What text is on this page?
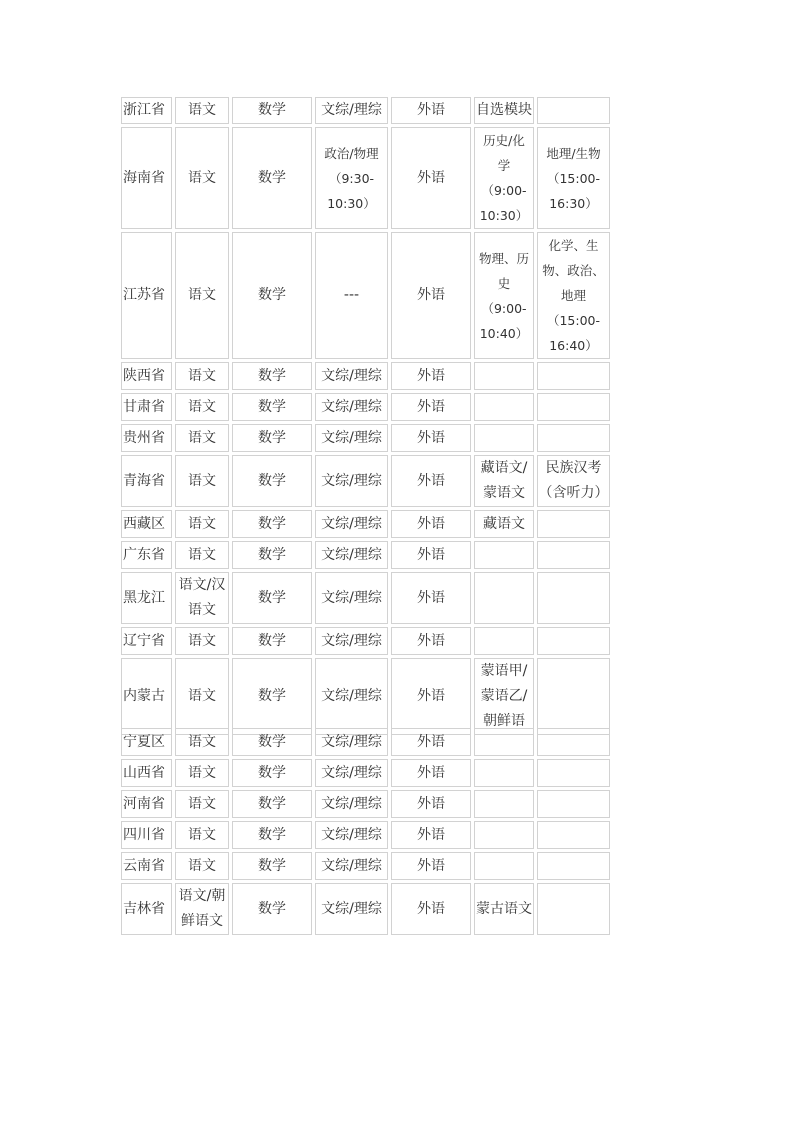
浙江省	语文	数学	文综/理综	外语	自选模块	

海南省	语文	数学	政治/物理
（9:30-
10:30）	外语	历史/化
学
（9:00-
10:30）	地理/生物
（15:00-
16:30）

江苏省	语文	数学	---	外语	物理、历
史
（9:00-
10:40）	化学、生
物、政治、
地理
（15:00-
16:40）

陕西省	语文	数学	文综/理综	外语		

甘肃省	语文	数学	文综/理综	外语		

贵州省	语文	数学	文综/理综	外语		

青海省	语文	数学	文综/理综	外语	藏语文/
蒙语文	民族汉考
（含听力）

西藏区	语文	数学	文综/理综	外语	藏语文	

广东省	语文	数学	文综/理综	外语		

黑龙江	语文/汉
语文	数学	文综/理综	外语		

辽宁省	语文	数学	文综/理综	外语		

内蒙古	语文	数学	文综/理综	外语	蒙语甲/
蒙语乙/
朝鲜语	

宁夏区	语文	数学	文综/理综	外语		

山西省	语文	数学	文综/理综	外语		

河南省	语文	数学	文综/理综	外语		

四川省	语文	数学	文综/理综	外语		

云南省	语文	数学	文综/理综	外语		

吉林省	语文/朝
鲜语文	数学	文综/理综	外语	蒙古语文	
